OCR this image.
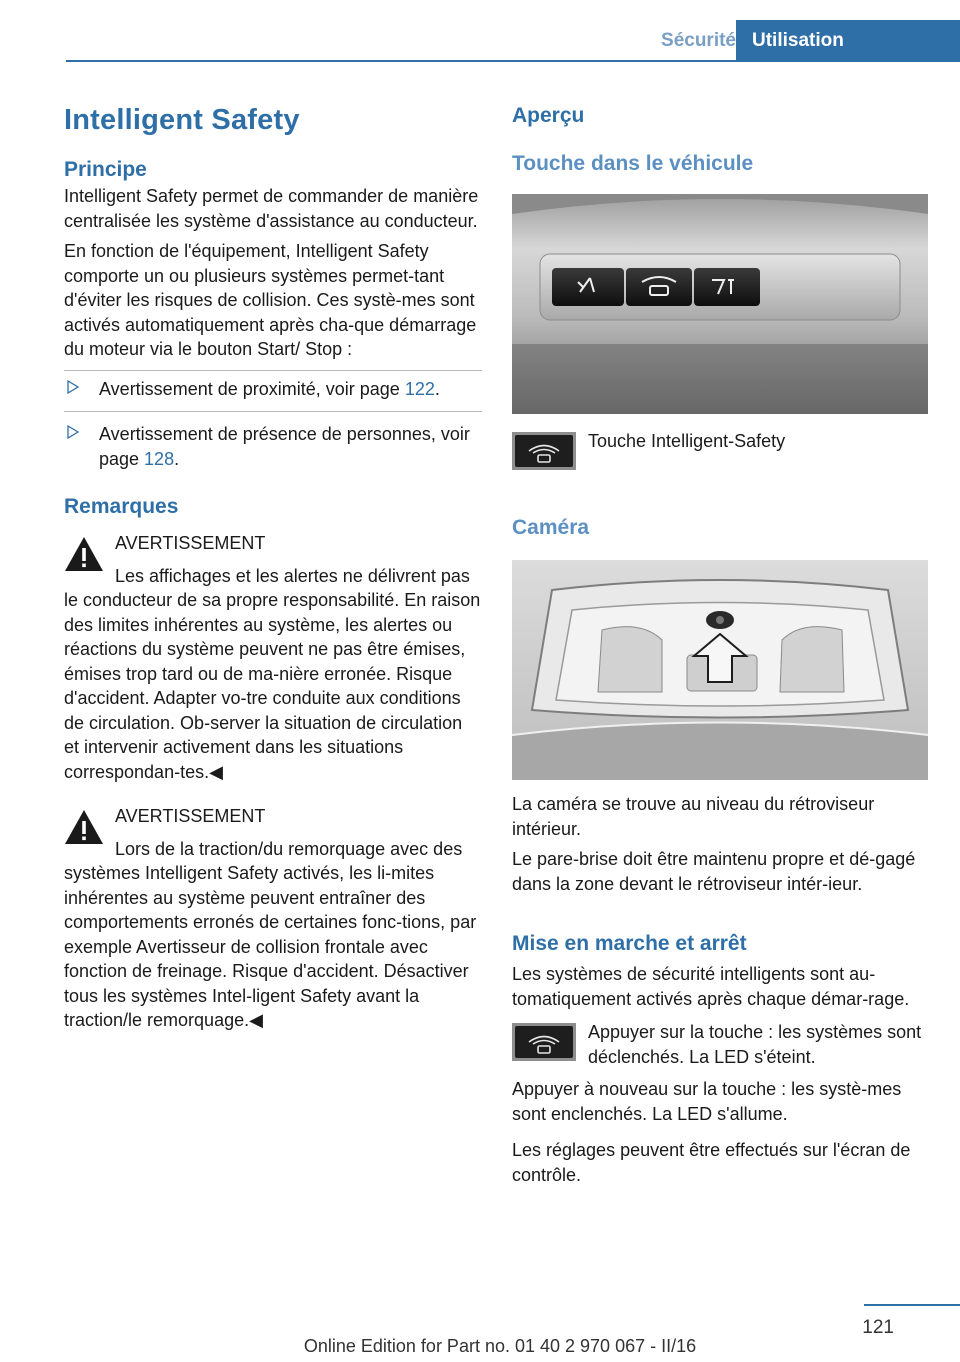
Sécurité Utilisation
Intelligent Safety
Principe

Intelligent Safety permet de commander de manière centralisée les système d'assistance au conducteur.

En fonction de l'équipement, Intelligent Safety comporte un ou plusieurs systèmes permet-tant d'éviter les risques de collision. Ces systè-mes sont activés automatiquement après cha-que démarrage du moteur via le bouton Start/ Stop :

Avertissement de proximité, voir page 122.
Avertissement de présence de personnes, voir page 128.
Remarques
AVERTISSEMENT
Les affichages et les alertes ne délivrent pas le conducteur de sa propre responsabilité. En raison des limites inhérentes au système, les alertes ou réactions du système peuvent ne pas être émises, émises trop tard ou de ma-nière erronée. Risque d'accident. Adapter vo-tre conduite aux conditions de circulation. Ob-server la situation de circulation et intervenir activement dans les situations correspondan-tes.◀
AVERTISSEMENT
Lors de la traction/du remorquage avec des systèmes Intelligent Safety activés, les li-mites inhérentes au système peuvent entraîner des comportements erronés de certaines fonc-tions, par exemple Avertisseur de collision frontale avec fonction de freinage. Risque d'accident. Désactiver tous les systèmes Intel-ligent Safety avant la traction/le remorquage.◀
Aperçu
Touche dans le véhicule
Touche Intelligent-Safety
Caméra

La caméra se trouve au niveau du rétroviseur intérieur.

Le pare-brise doit être maintenu propre et dé-gagé dans la zone devant le rétroviseur intér-ieur.

Mise en marche et arrêt

Les systèmes de sécurité intelligents sont au-tomatiquement activés après chaque démar-rage.

Appuyer sur la touche : les systèmes sont déclenchés. La LED s'éteint.

Appuyer à nouveau sur la touche : les systè-mes sont enclenchés. La LED s'allume.

Les réglages peuvent être effectués sur l'écran de contrôle.

121
Online Edition for Part no. 01 40 2 970 067 - II/16
